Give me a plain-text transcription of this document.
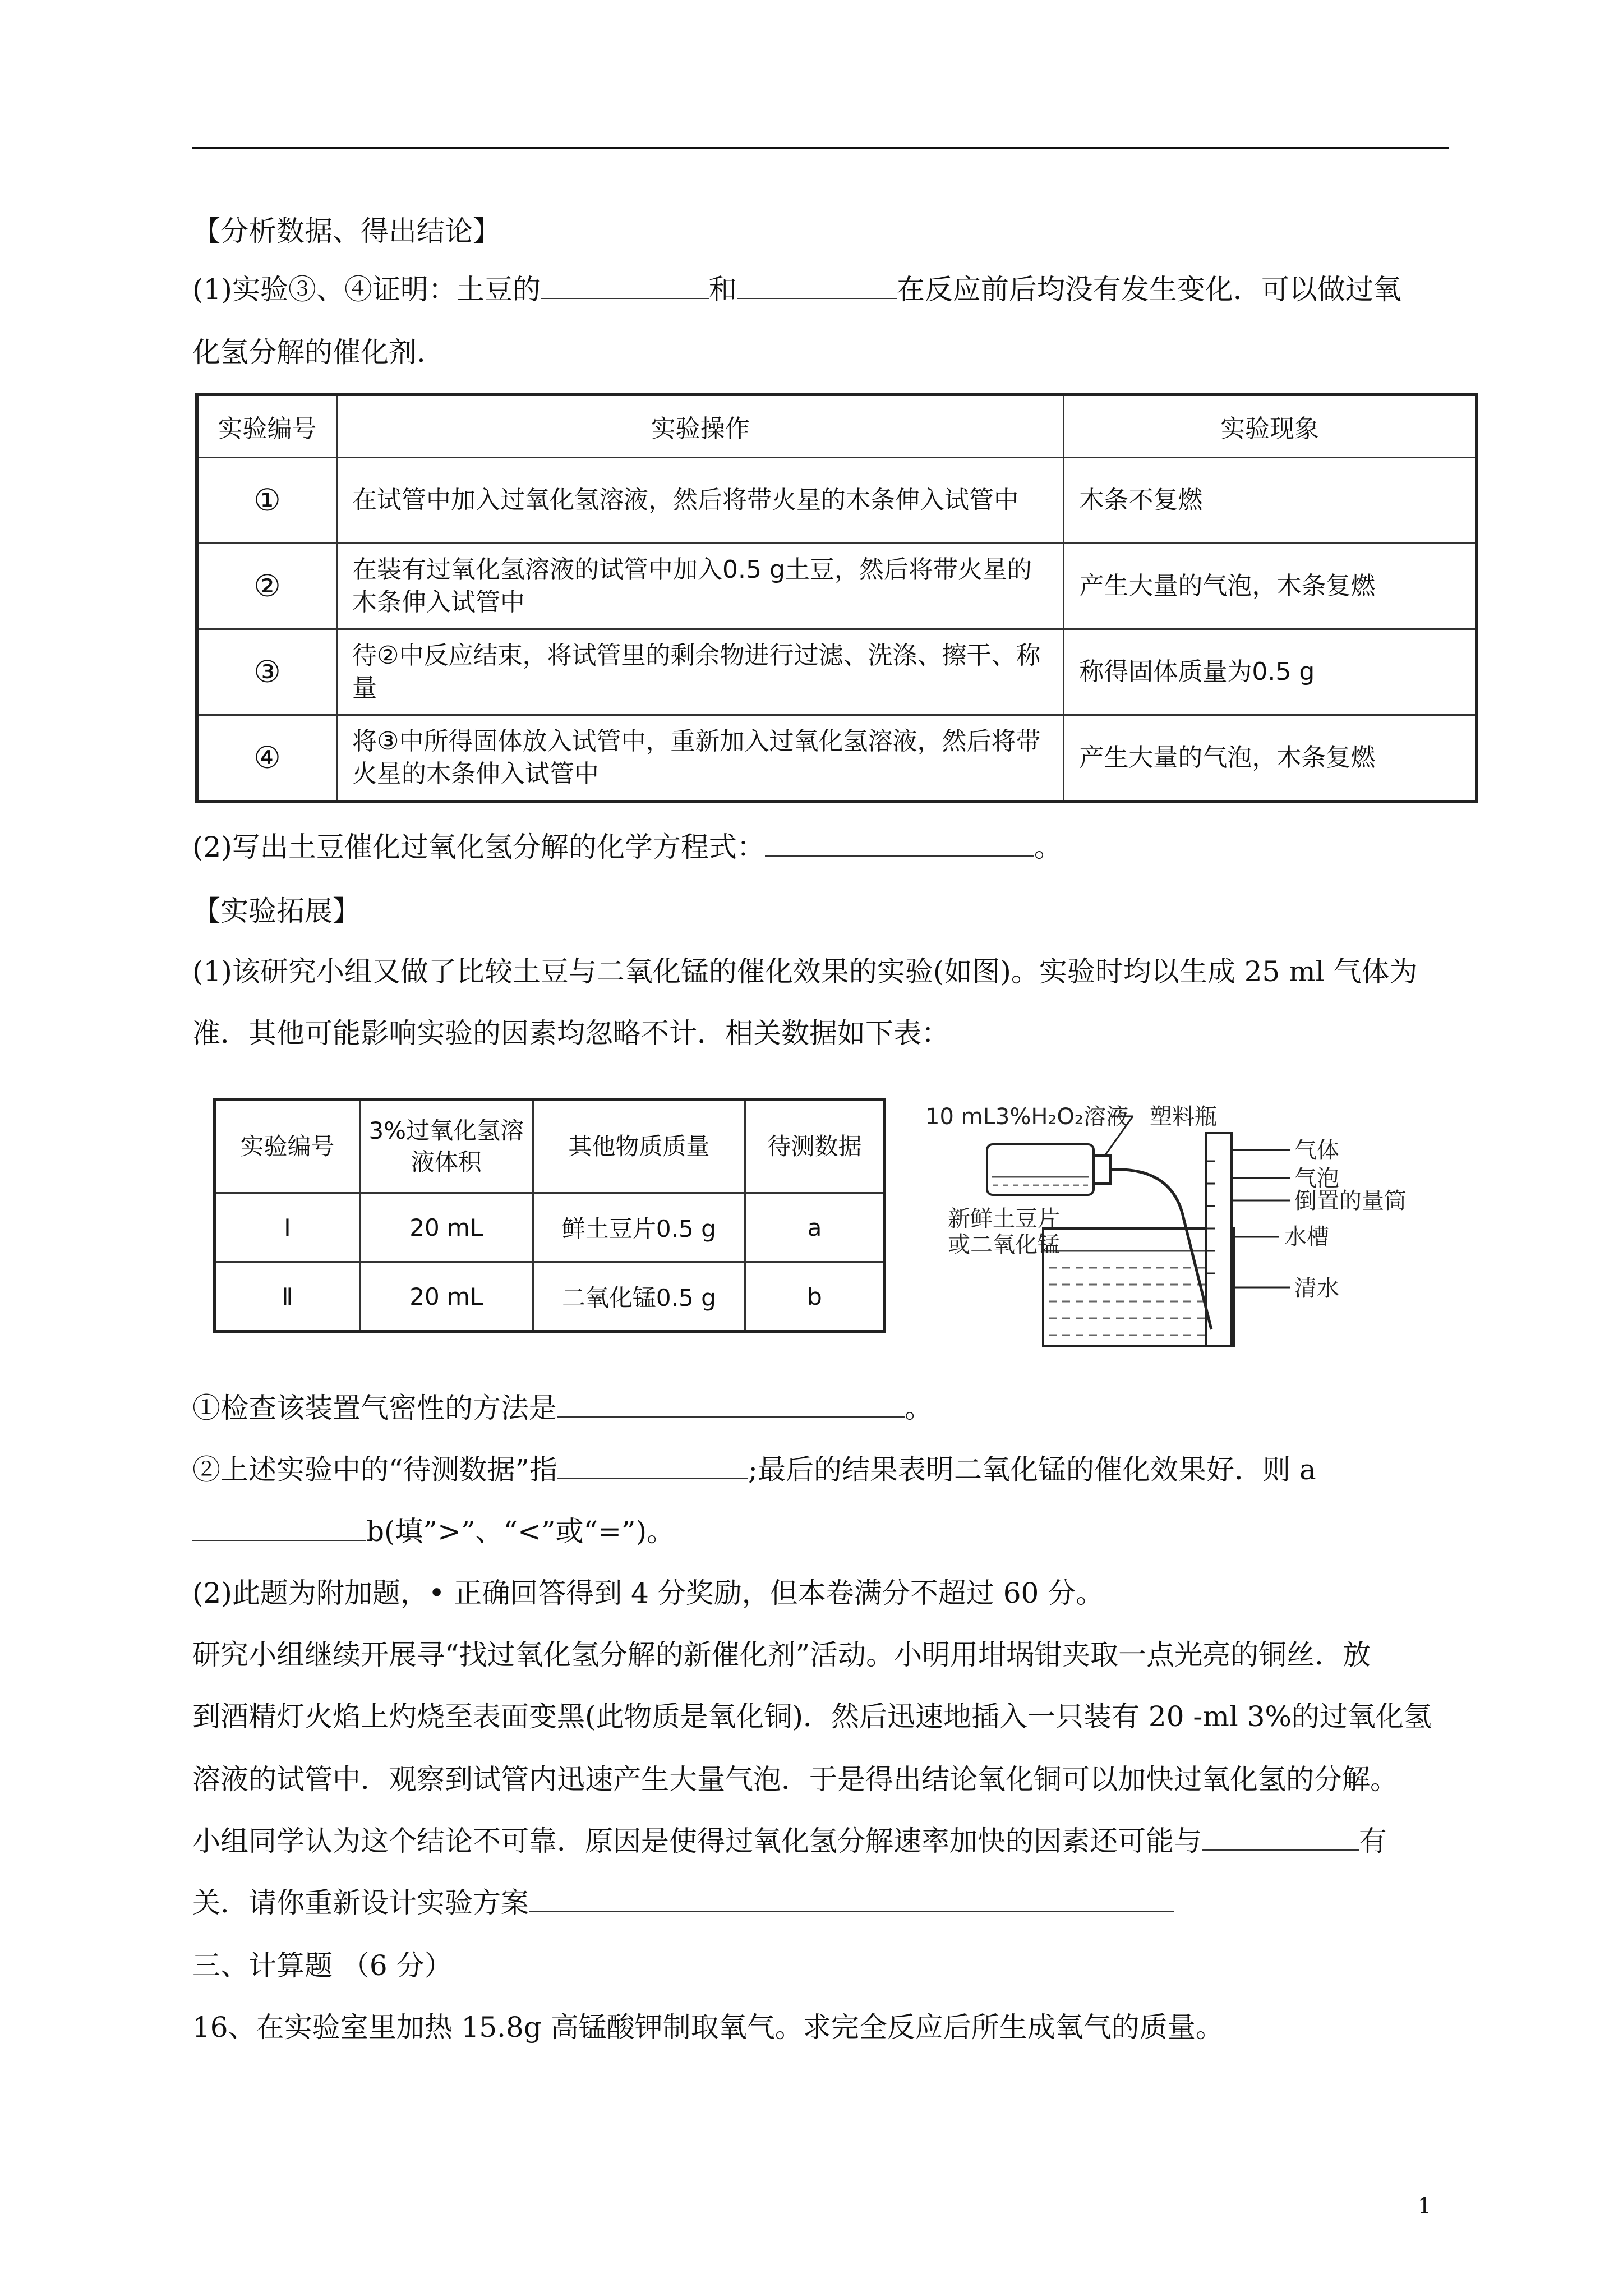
【分析数据、得出结论】
(1)实验③、④证明：土豆的	和	在反应前后均没有发生变化．可以做过氧
化氢分解的催化剂.
实验编号	实验操作	实验现象
①	在试管中加入过氧化氢溶液，然后将带火星的木条伸入试管中	木条不复燃
②	在装有过氧化氢溶液的试管中加入0.5 g土豆，然后将带火星的木条伸入试管中	产生大量的气泡，木条复燃
③	待②中反应结束，将试管里的剩余物进行过滤、洗涤、擦干、称量	称得固体质量为0.5 g
④	将③中所得固体放入试管中，重新加入过氧化氢溶液，然后将带火星的木条伸入试管中	产生大量的气泡，木条复燃
(2)写出土豆催化过氧化氢分解的化学方程式：	。
【实验拓展】
(1)该研究小组又做了比较土豆与二氧化锰的催化效果的实验(如图)。实验时均以生成 25 ml 气体为
准．其他可能影响实验的因素均忽略不计．相关数据如下表：
实验编号	3%过氧化氢溶液体积	其他物质质量	待测数据
Ⅰ	20 mL	鲜土豆片0.5 g	a
Ⅱ	20 mL	二氧化锰0.5 g	b
10 mL3%H₂O₂溶液 塑料瓶
气体
气泡
倒置的量筒
水槽
清水
新鲜土豆片
或二氧化锰
①检查该装置气密性的方法是	。
②上述实验中的“待测数据”指	;最后的结果表明二氧化锰的催化效果好．则 a
b(填”>”、“<”或“=”)。
(2)此题为附加题，• 正确回答得到 4 分奖励，但本卷满分不超过 60 分。
研究小组继续开展寻“找过氧化氢分解的新催化剂”活动。小明用坩埚钳夹取一点光亮的铜丝．放
到酒精灯火焰上灼烧至表面变黑(此物质是氧化铜)．然后迅速地插入一只装有 20 -ml 3%的过氧化氢
溶液的试管中．观察到试管内迅速产生大量气泡．于是得出结论氧化铜可以加快过氧化氢的分解。
小组同学认为这个结论不可靠．原因是使得过氧化氢分解速率加快的因素还可能与	有
关．请你重新设计实验方案
三、计算题 （6 分）
16、在实验室里加热 15.8g 高锰酸钾制取氧气。求完全反应后所生成氧气的质量。
1
